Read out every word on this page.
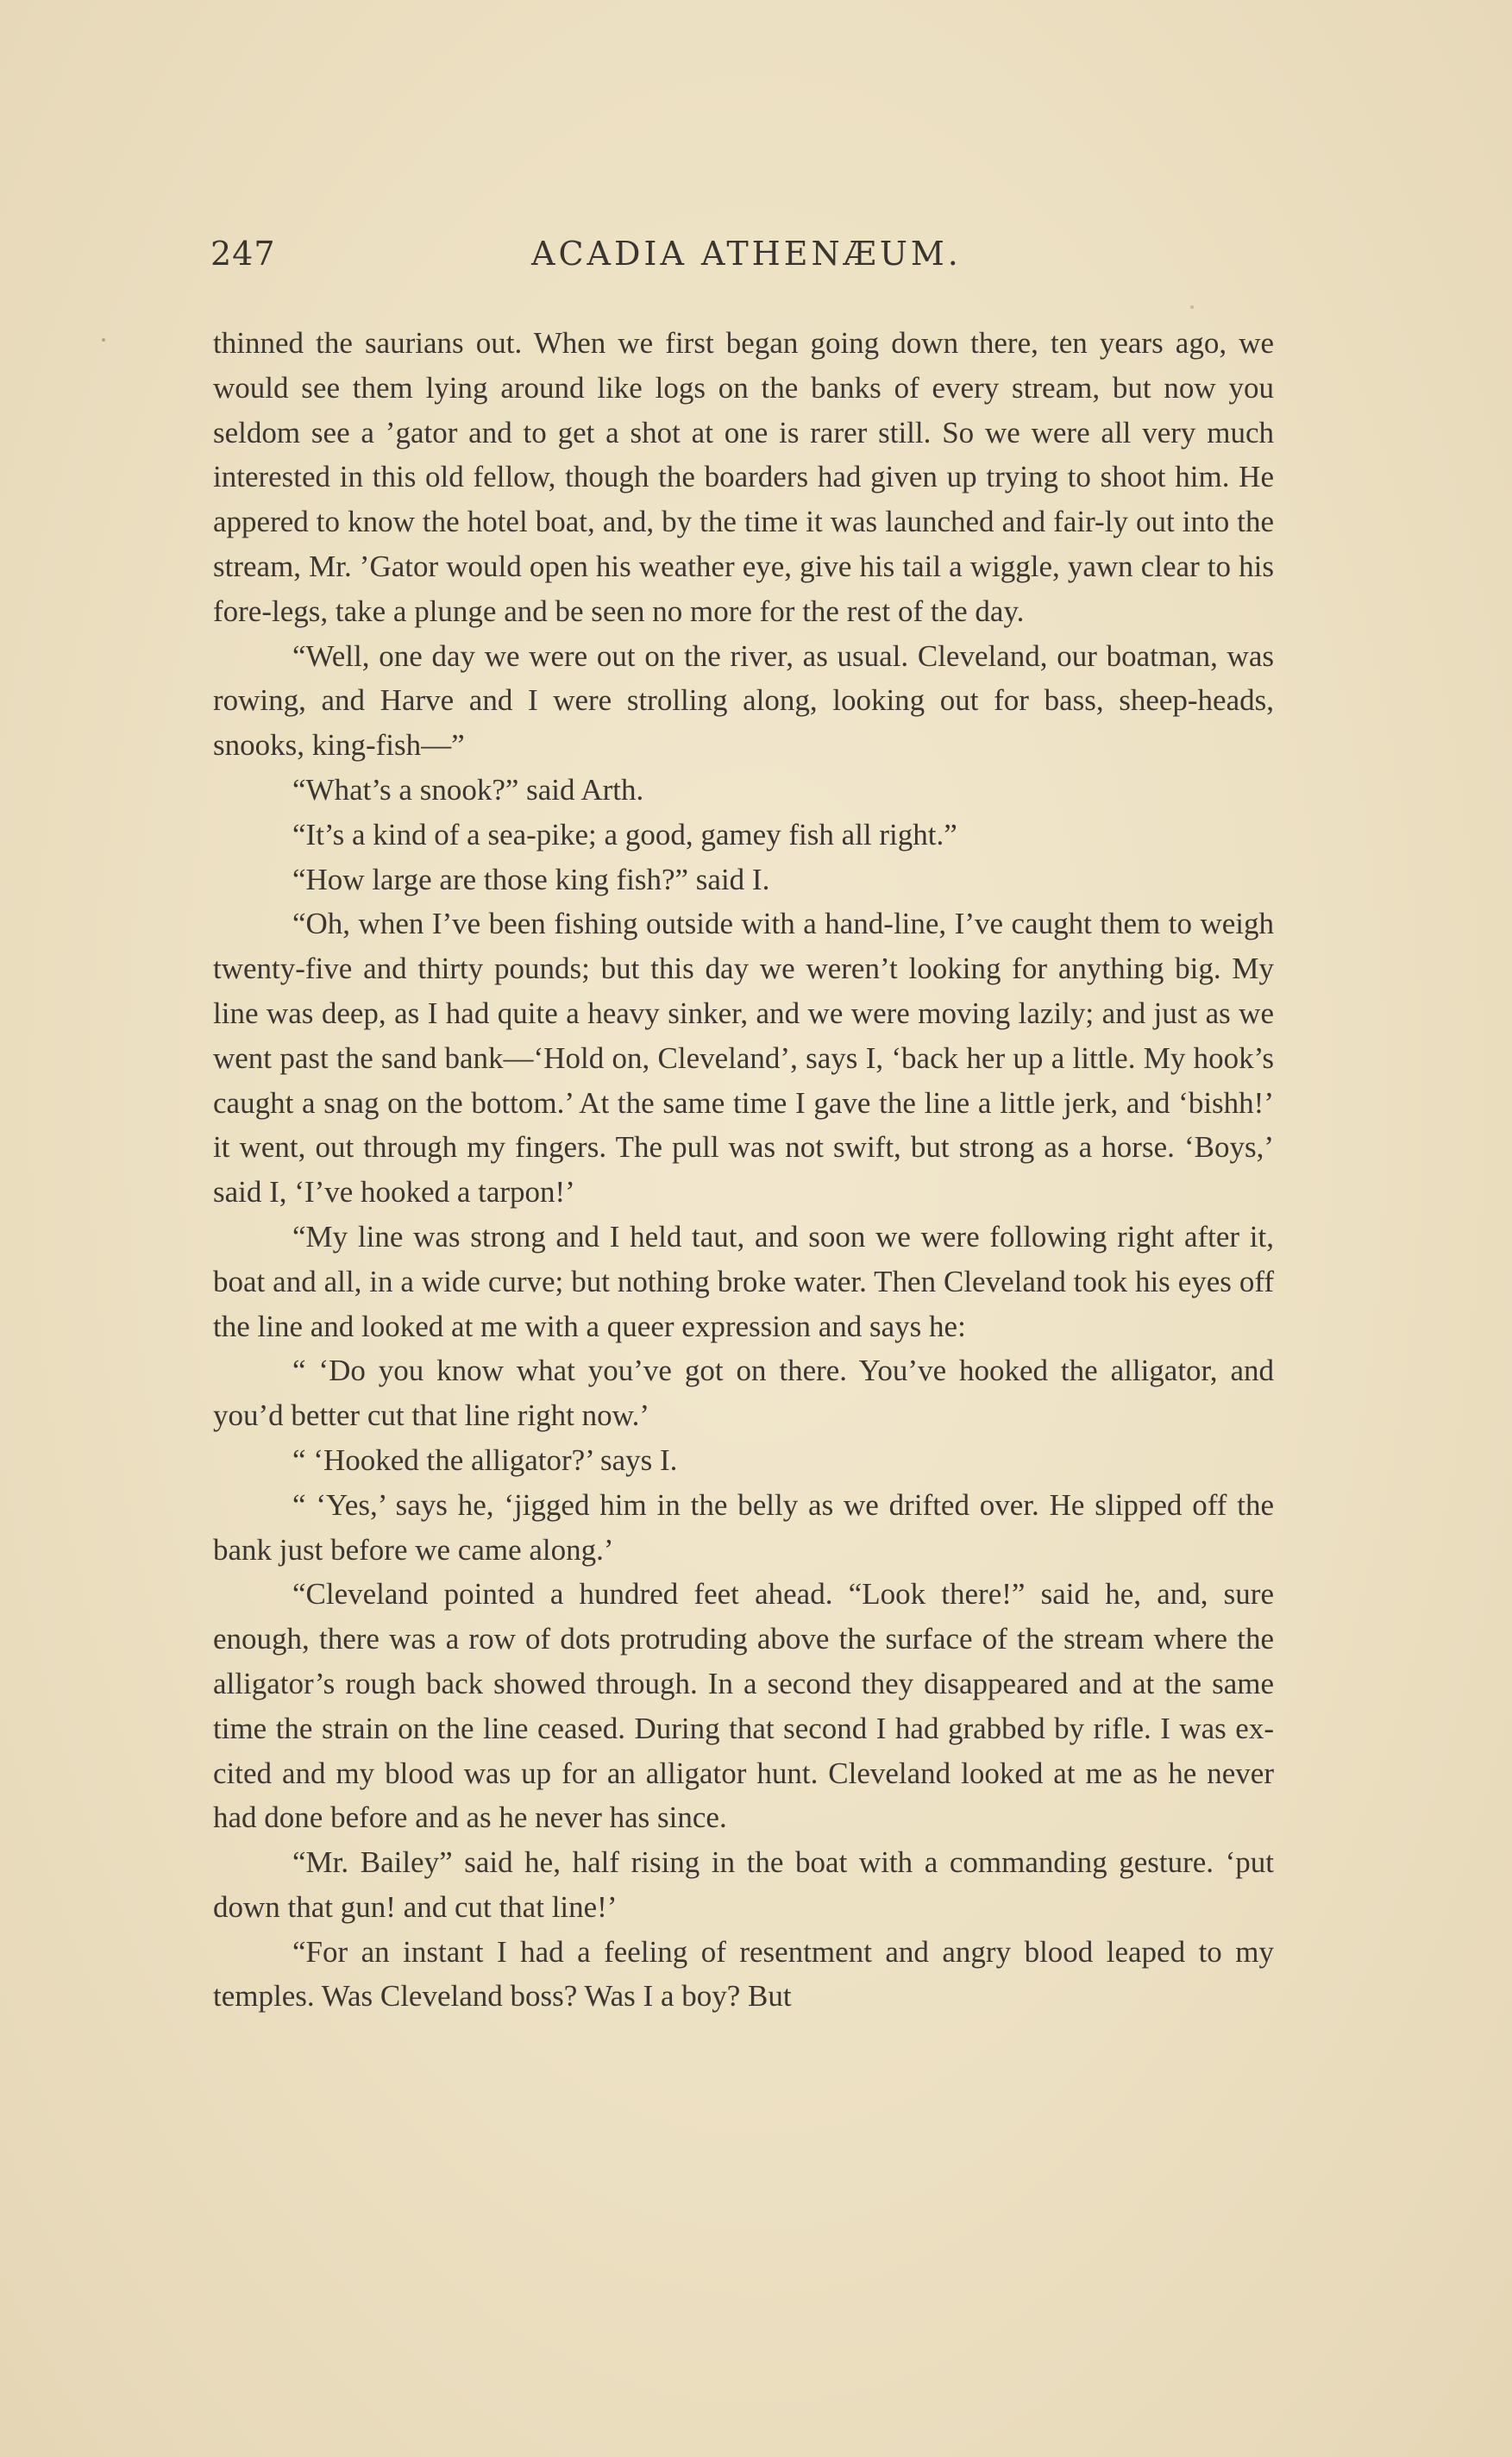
247	ACADIA ATHENÆUM.

thinned the saurians out. When we first began going down there, ten years ago, we would see them lying around like logs on the banks of every stream, but now you seldom see a ’gator and to get a shot at one is rarer still. So we were all very much interested in this old fellow, though the boarders had given up trying to shoot him. He appered to know the hotel boat, and, by the time it was launched and fair-ly out into the stream, Mr. ’Gator would open his weather eye, give his tail a wiggle, yawn clear to his fore-legs, take a plunge and be seen no more for the rest of the day.

“Well, one day we were out on the river, as usual. Cleveland, our boatman, was rowing, and Harve and I were strolling along, looking out for bass, sheep-heads, snooks, king-fish—”

“What’s a snook?” said Arth.

“It’s a kind of a sea-pike; a good, gamey fish all right.”

“How large are those king fish?” said I.

“Oh, when I’ve been fishing outside with a hand-line, I’ve caught them to weigh twenty-five and thirty pounds; but this day we weren’t looking for anything big. My line was deep, as I had quite a heavy sinker, and we were moving lazily; and just as we went past the sand bank—‘Hold on, Cleveland’, says I, ‘back her up a little. My hook’s caught a snag on the bottom.’ At the same time I gave the line a little jerk, and ‘bishh!’ it went, out through my fingers. The pull was not swift, but strong as a horse. ‘Boys,’ said I, ‘I’ve hooked a tarpon!’

“My line was strong and I held taut, and soon we were following right after it, boat and all, in a wide curve; but nothing broke water. Then Cleveland took his eyes off the line and looked at me with a queer expression and says he:

“ ‘Do you know what you’ve got on there. You’ve hooked the alligator, and you’d better cut that line right now.’

“ ‘Hooked the alligator?’ says I.

“ ‘Yes,’ says he, ‘jigged him in the belly as we drifted over. He slipped off the bank just before we came along.’

“Cleveland pointed a hundred feet ahead. “Look there!” said he, and, sure enough, there was a row of dots protruding above the surface of the stream where the alligator’s rough back showed through. In a second they disappeared and at the same time the strain on the line ceased. During that second I had grabbed by rifle. I was ex-cited and my blood was up for an alligator hunt. Cleveland looked at me as he never had done before and as he never has since.

“Mr. Bailey” said he, half rising in the boat with a commanding gesture. ‘put down that gun! and cut that line!’

“For an instant I had a feeling of resentment and angry blood leaped to my temples. Was Cleveland boss? Was I a boy? But
